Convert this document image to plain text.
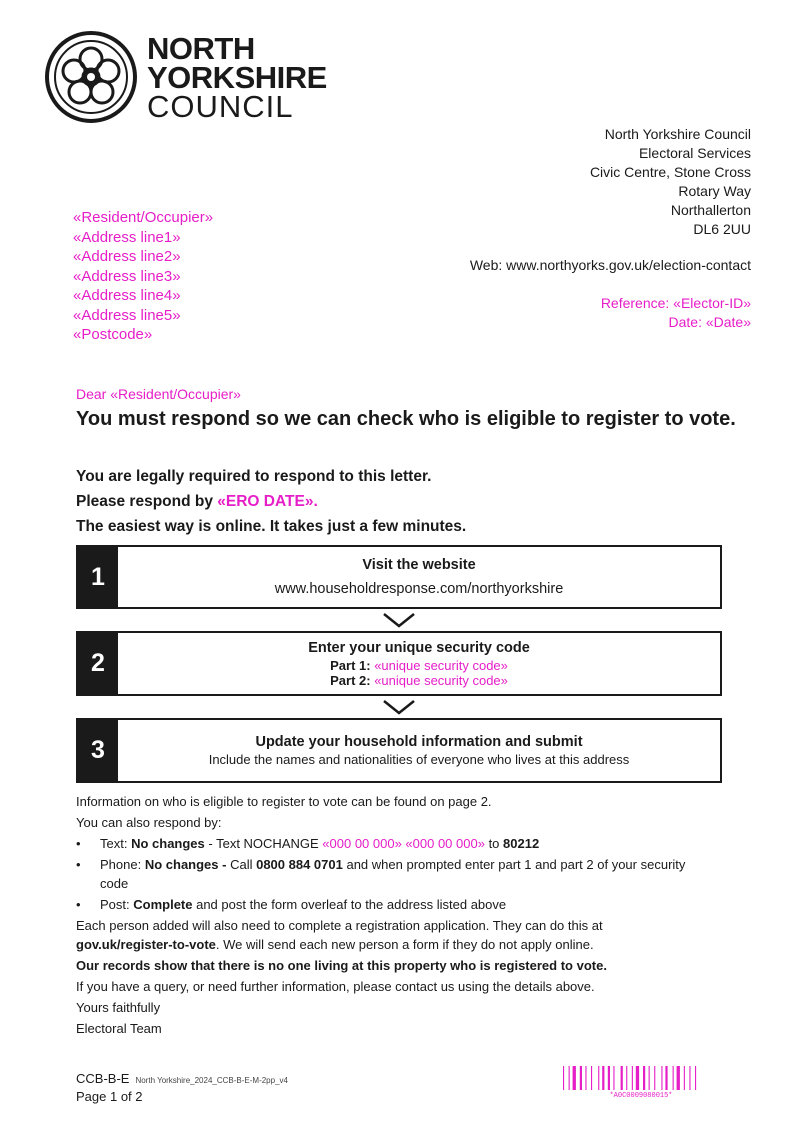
NORTH
YORKSHIRE
COUNCIL
North Yorkshire Council
Electoral Services
Civic Centre, Stone Cross
Rotary Way
Northallerton
DL6 2UU
Web: www.northyorks.gov.uk/election-contact
Reference: «Elector-ID»
Date: «Date»
«Resident/Occupier»
«Address line1»
«Address line2»
«Address line3»
«Address line4»
«Address line5»
«Postcode»
Dear «Resident/Occupier»
You must respond so we can check who is eligible to register to vote.
You are legally required to respond to this letter.
Please respond by «ERO DATE».
The easiest way is online. It takes just a few minutes.
1	Visit the website
www.householdresponse.com/northyorkshire
2
Enter your unique security code
Part 1: «unique security code»
Part 2: «unique security code»
3	Update your household information and submit
Include the names and nationalities of everyone who lives at this address

Information on who is eligible to register to vote can be found on page 2.

You can also respond by:

• Text: No changes - Text NOCHANGE «000 00 000» «000 00 000» to 80212

• Phone: No changes - Call 0800 884 0701 and when prompted enter part 1 and part 2 of your security code

• Post: Complete and post the form overleaf to the address listed above

Each person added will also need to complete a registration application. They can do this at gov.uk/register-to-vote. We will send each new person a form if they do not apply online.

Our records show that there is no one living at this property who is registered to vote.

If you have a query, or need further information, please contact us using the details above.

Yours faithfully

Electoral Team

CCB-B-E North Yorkshire_2024_CCB-B-E-M-2pp_v4
Page 1 of 2	*A0C0009080015*
